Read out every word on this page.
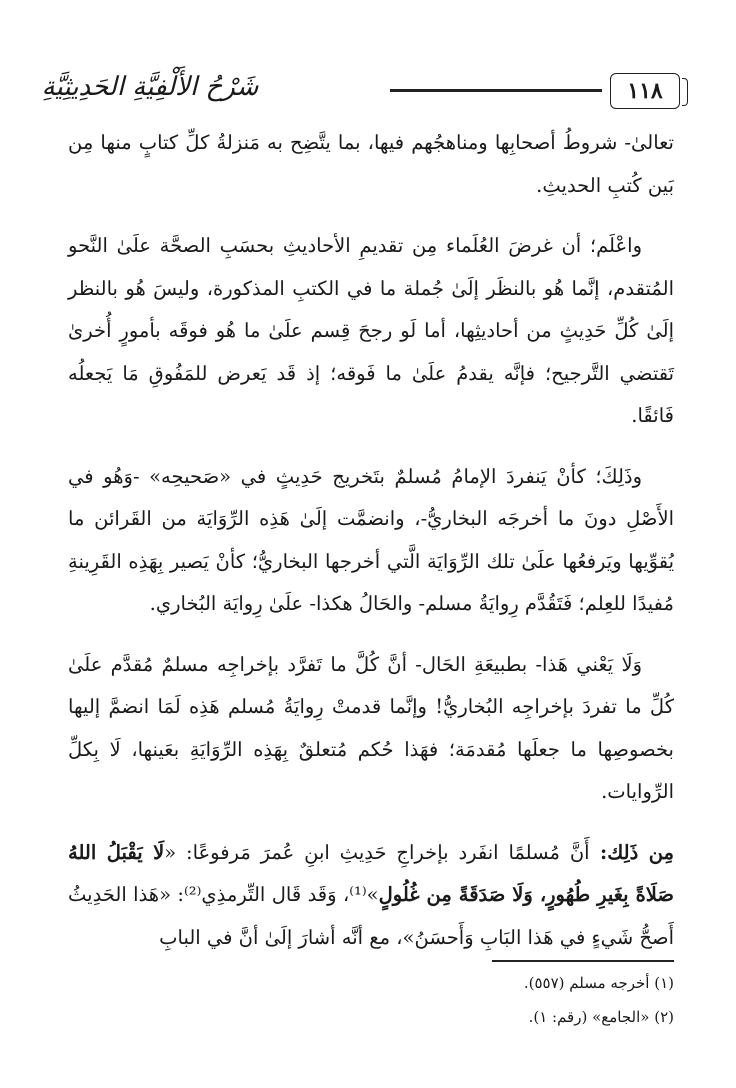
١١٨
شَرْحُ الأَلْفِيَّةِ الحَدِيثِيَّةِ

تعالىٰ- شروطُ أصحابِها ومناهجُهم فيها، بما يتَّضِح به مَنزلةُ كلِّ كتابٍ منها مِن بَين كُتبِ الحديثِ.

واعْلَم؛ أن غرضَ العُلَماء مِن تقديمِ الأحاديثِ بحسَبِ الصحَّة علَىٰ النَّحو المُتقدم، إنَّما هُو بالنظَر إلَىٰ جُملة ما في الكتبِ المذكورة، وليسَ هُو بالنظر إلَىٰ كُلِّ حَدِيثٍ من أحاديثِها، أما لَو رجحَ قِسم علَىٰ ما هُو فوقَه بأمورٍ أُخرىٰ تَقتضي التَّرجيح؛ فإنَّه يقدمُ علَىٰ ما فَوقه؛ إذ قَد يَعرض للمَفُوقِ مَا يَجعلُه فَائقًا.

وذَلِكَ؛ كأنْ يَنفردَ الإمامُ مُسلمٌ بتَخريج حَدِيثٍ في «صَحيحِه» -وَهُو في الأَصْلِ دونَ ما أخرجَه البخاريُّ-، وانضمَّت إلَىٰ هَذِه الرِّوَايَة من القَرائن ما يُقوِّيها ويَرفعُها علَىٰ تلك الرِّوَايَة الَّتي أخرجها البخاريُّ؛ كأنْ يَصير بِهَذِه القَرِينةِ مُفيدًا للعِلم؛ فَتَقُدَّم رِوايَةُ مسلم- والحَالُ هكذا- علَىٰ رِوايَة البُخاري.

وَلَا يَعْني هَذا- بطبيعَةِ الحَال- أنَّ كُلَّ ما تَفرَّد بإخراجِه مسلمٌ مُقدَّم علَىٰ كُلِّ ما تفردَ بإخراجِه البُخاريُّ! وإنَّما قدمتْ رِوايَةُ مُسلم هَذِه لَمَا انضمَّ إليها بخصوصِها ما جعلَها مُقدمَة؛ فهَذا حُكم مُتعلقٌ بِهَذِه الرِّوَايَةِ بعَينها، لَا بِكلِّ الرِّوايات.

مِن ذَلِك: أَنَّ مُسلمًا انفَرد بإخراجِ حَدِيثِ ابنِ عُمرَ مَرفوعًا: «لَا يَقْبَلُ اللهُ صَلَاةً بِغَيرِ طُهُورٍ، وَلَا صَدَقَةً مِن غُلُولٍ»⁽¹⁾، وَقَد قَال التِّرمذِي⁽²⁾: «هَذا الحَدِيثُ أَصحُّ شَيءٍ في هَذا البَابِ وَأَحسَنُ»، مع أنَّه أشارَ إلَىٰ أنَّ في البابِ

(١) أخرجه مسلم (٥٥٧).
(٢) «الجامع» (رقم: ١).
